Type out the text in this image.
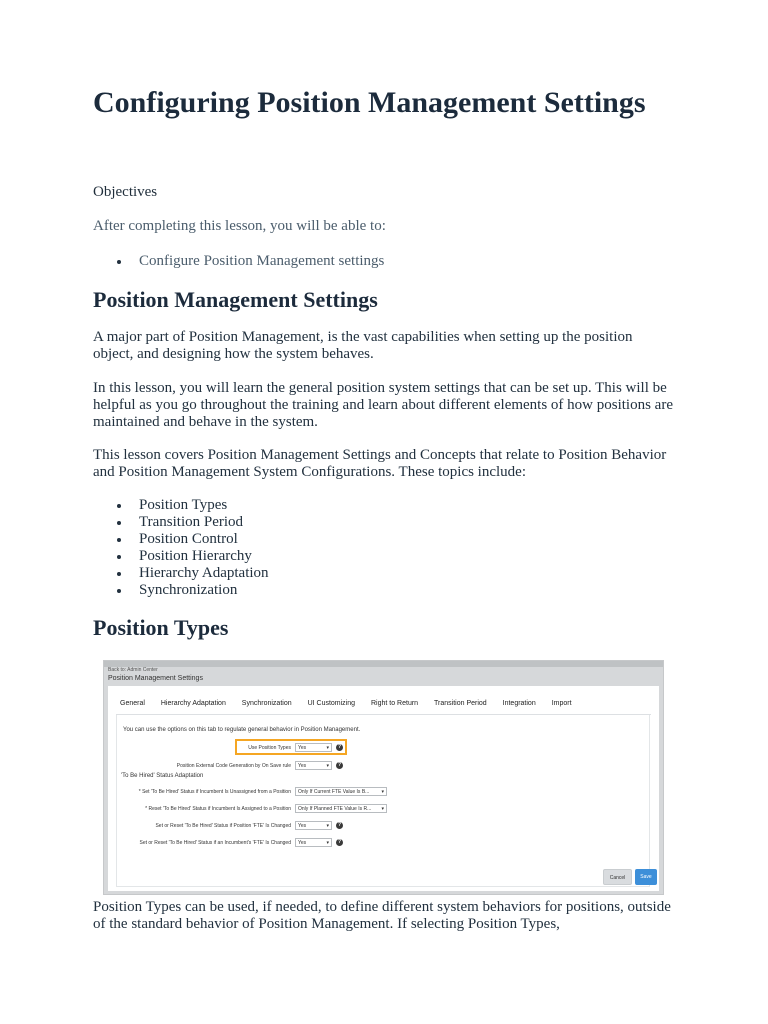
Configuring Position Management Settings
Objectives
After completing this lesson, you will be able to:
Configure Position Management settings
Position Management Settings

A major part of Position Management, is the vast capabilities when setting up the position object, and designing how the system behaves.

In this lesson, you will learn the general position system settings that can be set up. This will be helpful as you go throughout the training and learn about different elements of how positions are maintained and behave in the system.

This lesson covers Position Management Settings and Concepts that relate to Position Behavior and Position Management System Configurations. These topics include:

Position Types
Transition Period
Position Control
Position Hierarchy
Hierarchy Adaptation
Synchronization
Position Types

Position Types can be used, if needed, to define different system behaviors for positions, outside of the standard behavior of Position Management. If selecting Position Types,

Back to: Admin Center
Position Management Settings
General Hierarchy Adaptation Synchronization UI Customizing Right to Return Transition Period Integration Import
You can use the options on this tab to regulate general behavior in Position Management.
Use Position Types	Yes	▾	?
Position External Code Generation by On Save rule	Yes	▾	?
'To Be Hired' Status Adaptation
* Set 'To Be Hired' Status if Incumbent Is Unassigned from a Position	Only If Current FTE Value Is B... ▾
* Reset 'To Be Hired' Status if Incumbent Is Assigned to a Position	Only If Planned FTE Value Is R... ▾
Set or Reset 'To Be Hired' Status if Position 'FTE' Is Changed	Yes	▾	?
Set or Reset 'To Be Hired' Status if an Incumbent's 'FTE' Is Changed	Yes	▾	?
Cancel	Save
